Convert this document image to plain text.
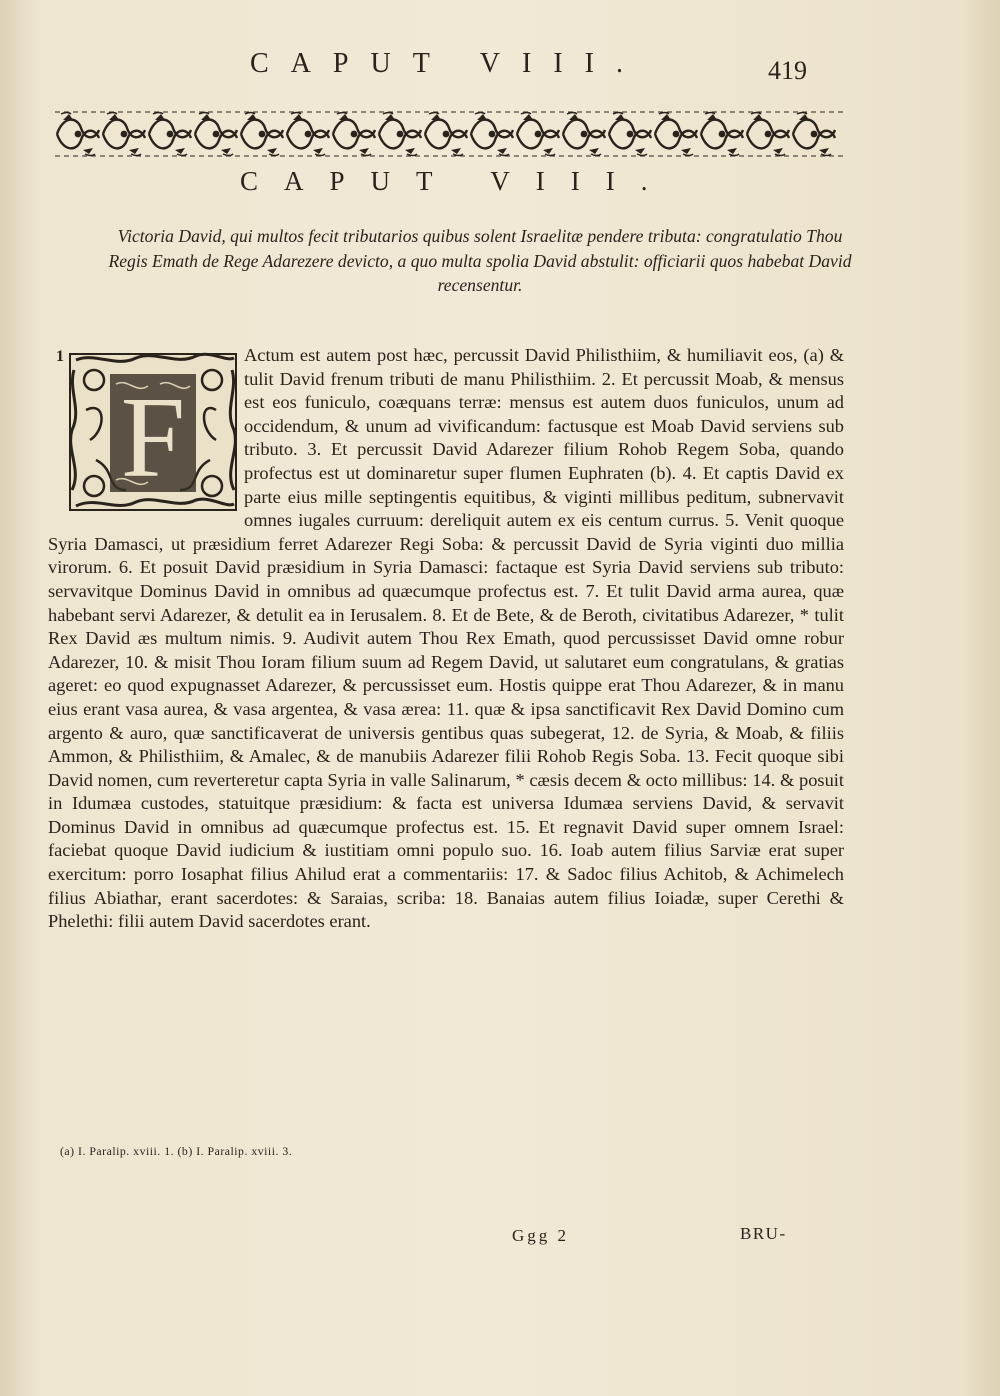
CAPUT VIII.	419
CAPUT VIII.
Victoria David, qui multos fecit tributarios quibus solent Israelitæ pendere tributa: congratulatio Thou Regis Emath de Rege Adarezere devicto, a quo multa spolia David abstulit: officiarii quos habebat David recensentur.
1
F
Actum est autem post hæc, percussit David Philisthiim, & humiliavit eos, (a) & tulit David frenum tributi de manu Philisthiim. 2. Et percussit Moab, & mensus est eos funiculo, coæquans terræ: mensus est autem duos funiculos, unum ad occidendum, & unum ad vivificandum: factusque est Moab David serviens sub tributo. 3. Et percussit David Adarezer filium Rohob Regem Soba, quando profectus est ut dominaretur super flumen Euphraten (b). 4. Et captis David ex parte eius mille septingentis equitibus, & viginti millibus peditum, subnervavit omnes iugales curruum: dereliquit autem ex eis centum currus. 5. Venit quoque Syria Damasci, ut præsidium ferret Adarezer Regi Soba: & percussit David de Syria viginti duo millia virorum. 6. Et posuit David præsidium in Syria Damasci: factaque est Syria David serviens sub tributo: servavitque Dominus David in omnibus ad quæcumque profectus est. 7. Et tulit David arma aurea, quæ habebant servi Adarezer, & detulit ea in Ierusalem. 8. Et de Bete, & de Beroth, civitatibus Adarezer, * tulit Rex David æs multum nimis. 9. Audivit autem Thou Rex Emath, quod percussisset David omne robur Adarezer, 10. & misit Thou Ioram filium suum ad Regem David, ut salutaret eum congratulans, & gratias ageret: eo quod expugnasset Adarezer, & percussisset eum. Hostis quippe erat Thou Adarezer, & in manu eius erant vasa aurea, & vasa argentea, & vasa ærea: 11. quæ & ipsa sanctificavit Rex David Domino cum argento & auro, quæ sanctificaverat de universis gentibus quas subegerat, 12. de Syria, & Moab, & filiis Ammon, & Philisthiim, & Amalec, & de manubiis Adarezer filii Rohob Regis Soba. 13. Fecit quoque sibi David nomen, cum reverteretur capta Syria in valle Salinarum, * cæsis decem & octo millibus: 14. & posuit in Idumæa custodes, statuitque præsidium: & facta est universa Idumæa serviens David, & servavit Dominus David in omnibus ad quæcumque profectus est. 15. Et regnavit David super omnem Israel: faciebat quoque David iudicium & iustitiam omni populo suo. 16. Ioab autem filius Sarviæ erat super exercitum: porro Iosaphat filius Ahilud erat a commentariis: 17. & Sadoc filius Achitob, & Achimelech filius Abiathar, erant sacerdotes: & Saraias, scriba: 18. Banaias autem filius Ioiadæ, super Cerethi & Phelethi: filii autem David sacerdotes erant.
(a) I. Paralip. xviii. 1. (b) I. Paralip. xviii. 3.
Ggg 2	BRU-
